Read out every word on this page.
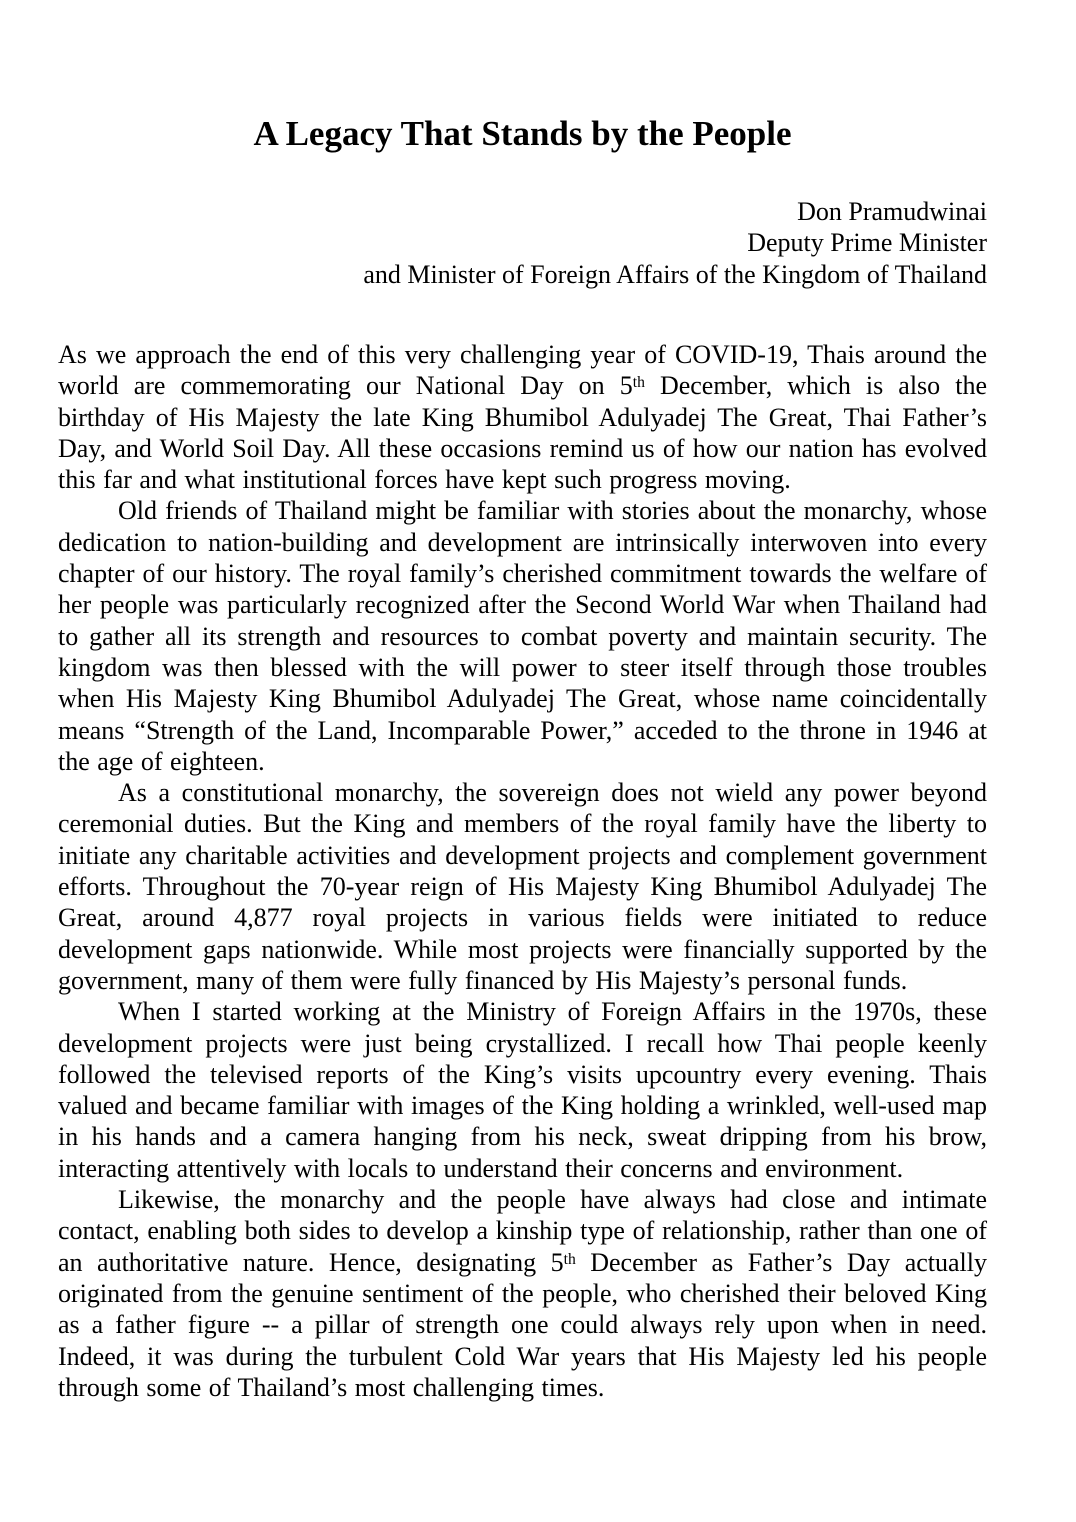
A Legacy That Stands by the People
Don Pramudwinai
Deputy Prime Minister
and Minister of Foreign Affairs of the Kingdom of Thailand

As we approach the end of this very challenging year of COVID-19, Thais around the world are commemorating our National Day on 5th December, which is also the birthday of His Majesty the late King Bhumibol Adulyadej The Great, Thai Father’s Day, and World Soil Day. All these occasions remind us of how our nation has evolved this far and what institutional forces have kept such progress moving.

Old friends of Thailand might be familiar with stories about the monarchy, whose dedication to nation-building and development are intrinsically interwoven into every chapter of our history. The royal family’s cherished commitment towards the welfare of her people was particularly recognized after the Second World War when Thailand had to gather all its strength and resources to combat poverty and maintain security. The kingdom was then blessed with the will power to steer itself through those troubles when His Majesty King Bhumibol Adulyadej The Great, whose name coincidentally means “Strength of the Land, Incomparable Power,” acceded to the throne in 1946 at the age of eighteen.

As a constitutional monarchy, the sovereign does not wield any power beyond ceremonial duties. But the King and members of the royal family have the liberty to initiate any charitable activities and development projects and complement government efforts. Throughout the 70-year reign of His Majesty King Bhumibol Adulyadej The Great, around 4,877 royal projects in various fields were initiated to reduce development gaps nationwide. While most projects were financially supported by the government, many of them were fully financed by His Majesty’s personal funds.

When I started working at the Ministry of Foreign Affairs in the 1970s, these development projects were just being crystallized. I recall how Thai people keenly followed the televised reports of the King’s visits upcountry every evening. Thais valued and became familiar with images of the King holding a wrinkled, well-used map in his hands and a camera hanging from his neck, sweat dripping from his brow, interacting attentively with locals to understand their concerns and environment.

Likewise, the monarchy and the people have always had close and intimate contact, enabling both sides to develop a kinship type of relationship, rather than one of an authoritative nature. Hence, designating 5th December as Father’s Day actually originated from the genuine sentiment of the people, who cherished their beloved King as a father figure -- a pillar of strength one could always rely upon when in need. Indeed, it was during the turbulent Cold War years that His Majesty led his people through some of Thailand’s most challenging times.
